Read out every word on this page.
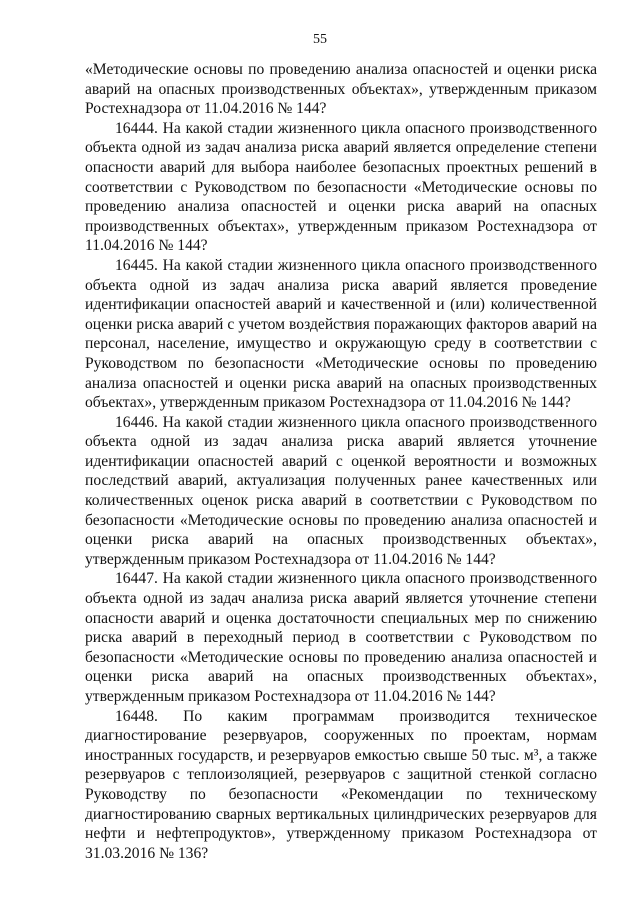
55

«Методические основы по проведению анализа опасностей и оценки риска аварий на опасных производственных объектах», утвержденным приказом Ростехнадзора от 11.04.2016 № 144?

16444. На какой стадии жизненного цикла опасного производственного объекта одной из задач анализа риска аварий является определение степени опасности аварий для выбора наиболее безопасных проектных решений в соответствии с Руководством по безопасности «Методические основы по проведению анализа опасностей и оценки риска аварий на опасных производственных объектах», утвержденным приказом Ростехнадзора от 11.04.2016 № 144?

16445. На какой стадии жизненного цикла опасного производственного объекта одной из задач анализа риска аварий является проведение идентификации опасностей аварий и качественной и (или) количественной оценки риска аварий с учетом воздействия поражающих факторов аварий на персонал, население, имущество и окружающую среду в соответствии с Руководством по безопасности «Методические основы по проведению анализа опасностей и оценки риска аварий на опасных производственных объектах», утвержденным приказом Ростехнадзора от 11.04.2016 № 144?

16446. На какой стадии жизненного цикла опасного производственного объекта одной из задач анализа риска аварий является уточнение идентификации опасностей аварий с оценкой вероятности и возможных последствий аварий, актуализация полученных ранее качественных или количественных оценок риска аварий в соответствии с Руководством по безопасности «Методические основы по проведению анализа опасностей и оценки риска аварий на опасных производственных объектах», утвержденным приказом Ростехнадзора от 11.04.2016 № 144?

16447. На какой стадии жизненного цикла опасного производственного объекта одной из задач анализа риска аварий является уточнение степени опасности аварий и оценка достаточности специальных мер по снижению риска аварий в переходный период в соответствии с Руководством по безопасности «Методические основы по проведению анализа опасностей и оценки риска аварий на опасных производственных объектах», утвержденным приказом Ростехнадзора от 11.04.2016 № 144?

16448. По каким программам производится техническое диагностирование резервуаров, сооруженных по проектам, нормам иностранных государств, и резервуаров емкостью свыше 50 тыс. м³, а также резервуаров с теплоизоляцией, резервуаров с защитной стенкой согласно Руководству по безопасности «Рекомендации по техническому диагностированию сварных вертикальных цилиндрических резервуаров для нефти и нефтепродуктов», утвержденному приказом Ростехнадзора от 31.03.2016 № 136?
